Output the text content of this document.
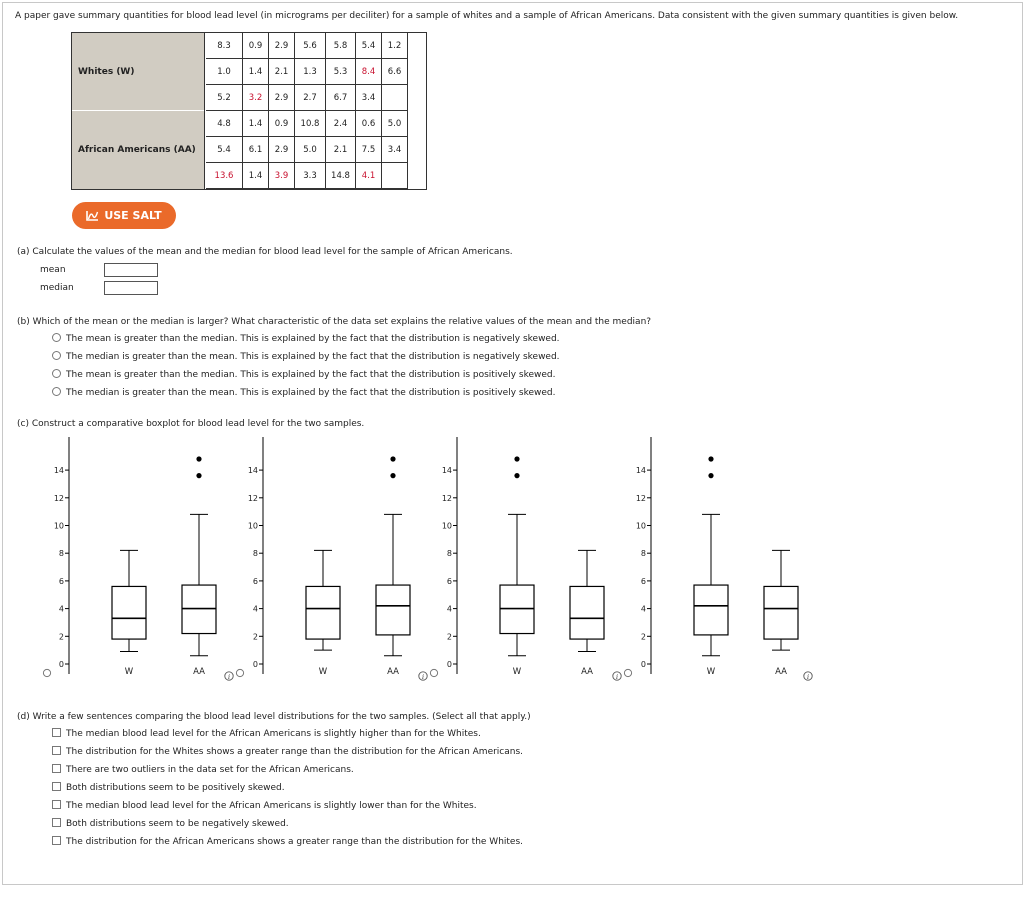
A paper gave summary quantities for blood lead level (in micrograms per deciliter) for a sample of whites and a sample of African Americans. Data consistent with the given summary quantities is given below.
Whites (W)
8.3	0.9	2.9	5.6	5.8	5.4	1.2
1.0	1.4	2.1	1.3	5.3	8.4	6.6
5.2	3.2	2.9	2.7	6.7	3.4
African Americans (AA)
4.8	1.4	0.9	10.8	2.4	0.6	5.0
5.4	6.1	2.9	5.0	2.1	7.5	3.4
13.6	1.4	3.9	3.3	14.8	4.1
USE SALT
(a) Calculate the values of the mean and the median for blood lead level for the sample of African Americans.
mean
median
(b) Which of the mean or the median is larger? What characteristic of the data set explains the relative values of the mean and the median?
The mean is greater than the median. This is explained by the fact that the distribution is negatively skewed.
The median is greater than the mean. This is explained by the fact that the distribution is negatively skewed.
The mean is greater than the median. This is explained by the fact that the distribution is positively skewed.
The median is greater than the mean. This is explained by the fact that the distribution is positively skewed.
(c) Construct a comparative boxplot for blood lead level for the two samples.
0
2
4
6
8
10
12
14
W	AA
0
2
4
6
8
10
12
14
W	AA
0
2
4
6
8
10
12
14
W	AA
0
2
4
6
8
10
12
14
W	AA
i	i	i	i
(d) Write a few sentences comparing the blood lead level distributions for the two samples. (Select all that apply.)
The median blood lead level for the African Americans is slightly higher than for the Whites.
The distribution for the Whites shows a greater range than the distribution for the African Americans.
There are two outliers in the data set for the African Americans.
Both distributions seem to be positively skewed.
The median blood lead level for the African Americans is slightly lower than for the Whites.
Both distributions seem to be negatively skewed.
The distribution for the African Americans shows a greater range than the distribution for the Whites.
